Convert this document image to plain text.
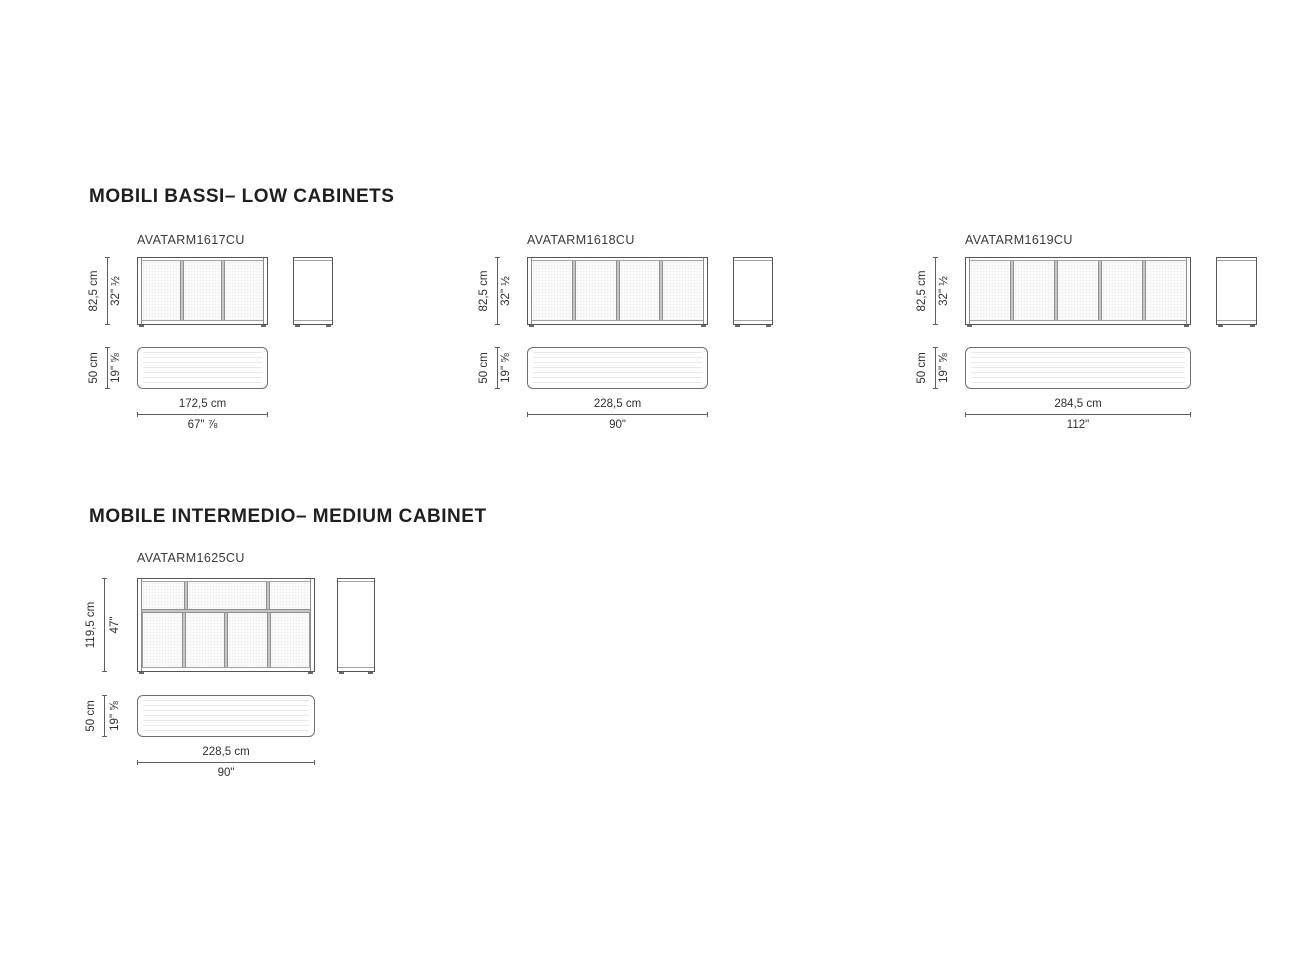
MOBILI BASSI– LOW CABINETS
AVATARM1617CU
82,5 cm 32" ½
50 cm 19" ⅝
172,5 cm
67" ⅞
AVATARM1618CU
82,5 cm 32" ½
50 cm 19" ⅝
228,5 cm
90"
AVATARM1619CU
82,5 cm 32" ½
50 cm 19" ⅝
284,5 cm
112"
MOBILE INTERMEDIO– MEDIUM CABINET
AVATARM1625CU
119,5 cm 47"
50 cm 19" ⅝
228,5 cm
90"
